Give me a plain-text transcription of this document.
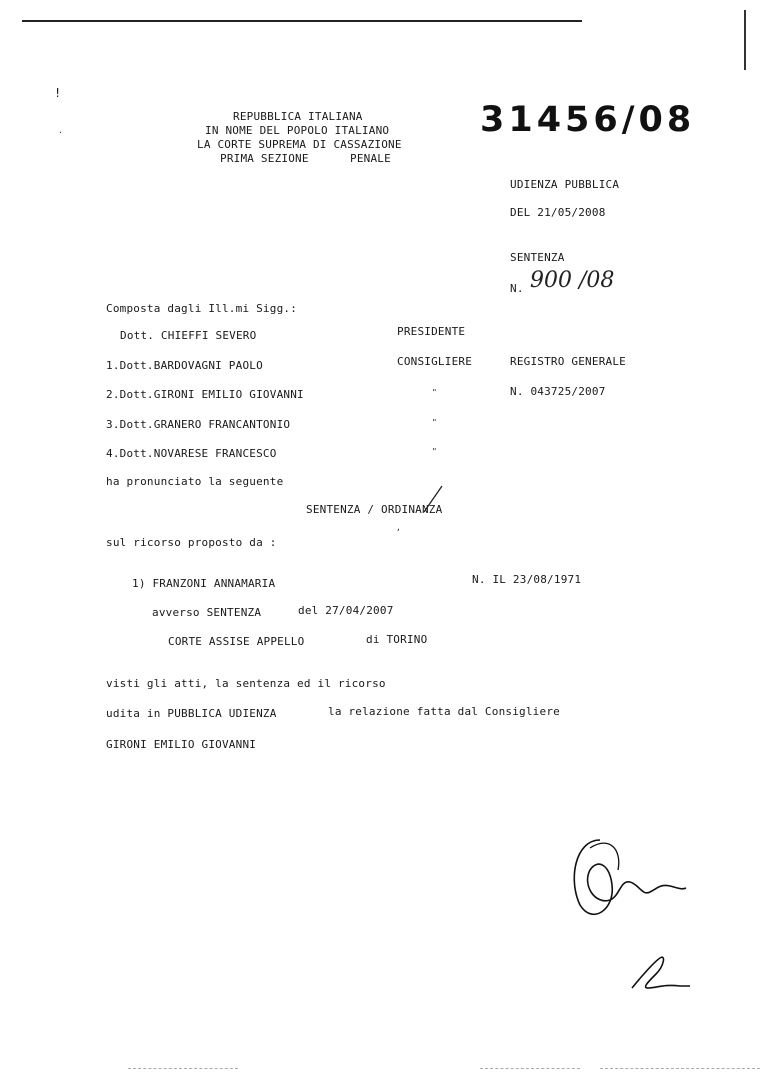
!
.
REPUBBLICA ITALIANA
IN NOME DEL POPOLO ITALIANO
LA CORTE SUPREMA DI CASSAZIONE
PRIMA SEZIONE	PENALE
31456/08
UDIENZA PUBBLICA
DEL 21/05/2008
SENTENZA
N. 900 /08
Composta dagli Ill.mi Sigg.:
Dott. CHIEFFI SEVERO	PRESIDENTE
1.Dott.BARDOVAGNI PAOLO	CONSIGLIERE
2.Dott.GIRONI EMILIO GIOVANNI	"
3.Dott.GRANERO FRANCANTONIO	"
4.Dott.NOVARESE FRANCESCO	"
REGISTRO GENERALE
N. 043725/2007
ha pronunciato la seguente
SENTENZA / ORDINANZA
,
sul ricorso proposto da :
1) FRANZONI ANNAMARIA	N. IL 23/08/1971
avverso SENTENZA	del 27/04/2007
CORTE ASSISE APPELLO	di TORINO
visti gli atti, la sentenza ed il ricorso
udita in PUBBLICA UDIENZA	la relazione fatta dal Consigliere
GIRONI EMILIO GIOVANNI
